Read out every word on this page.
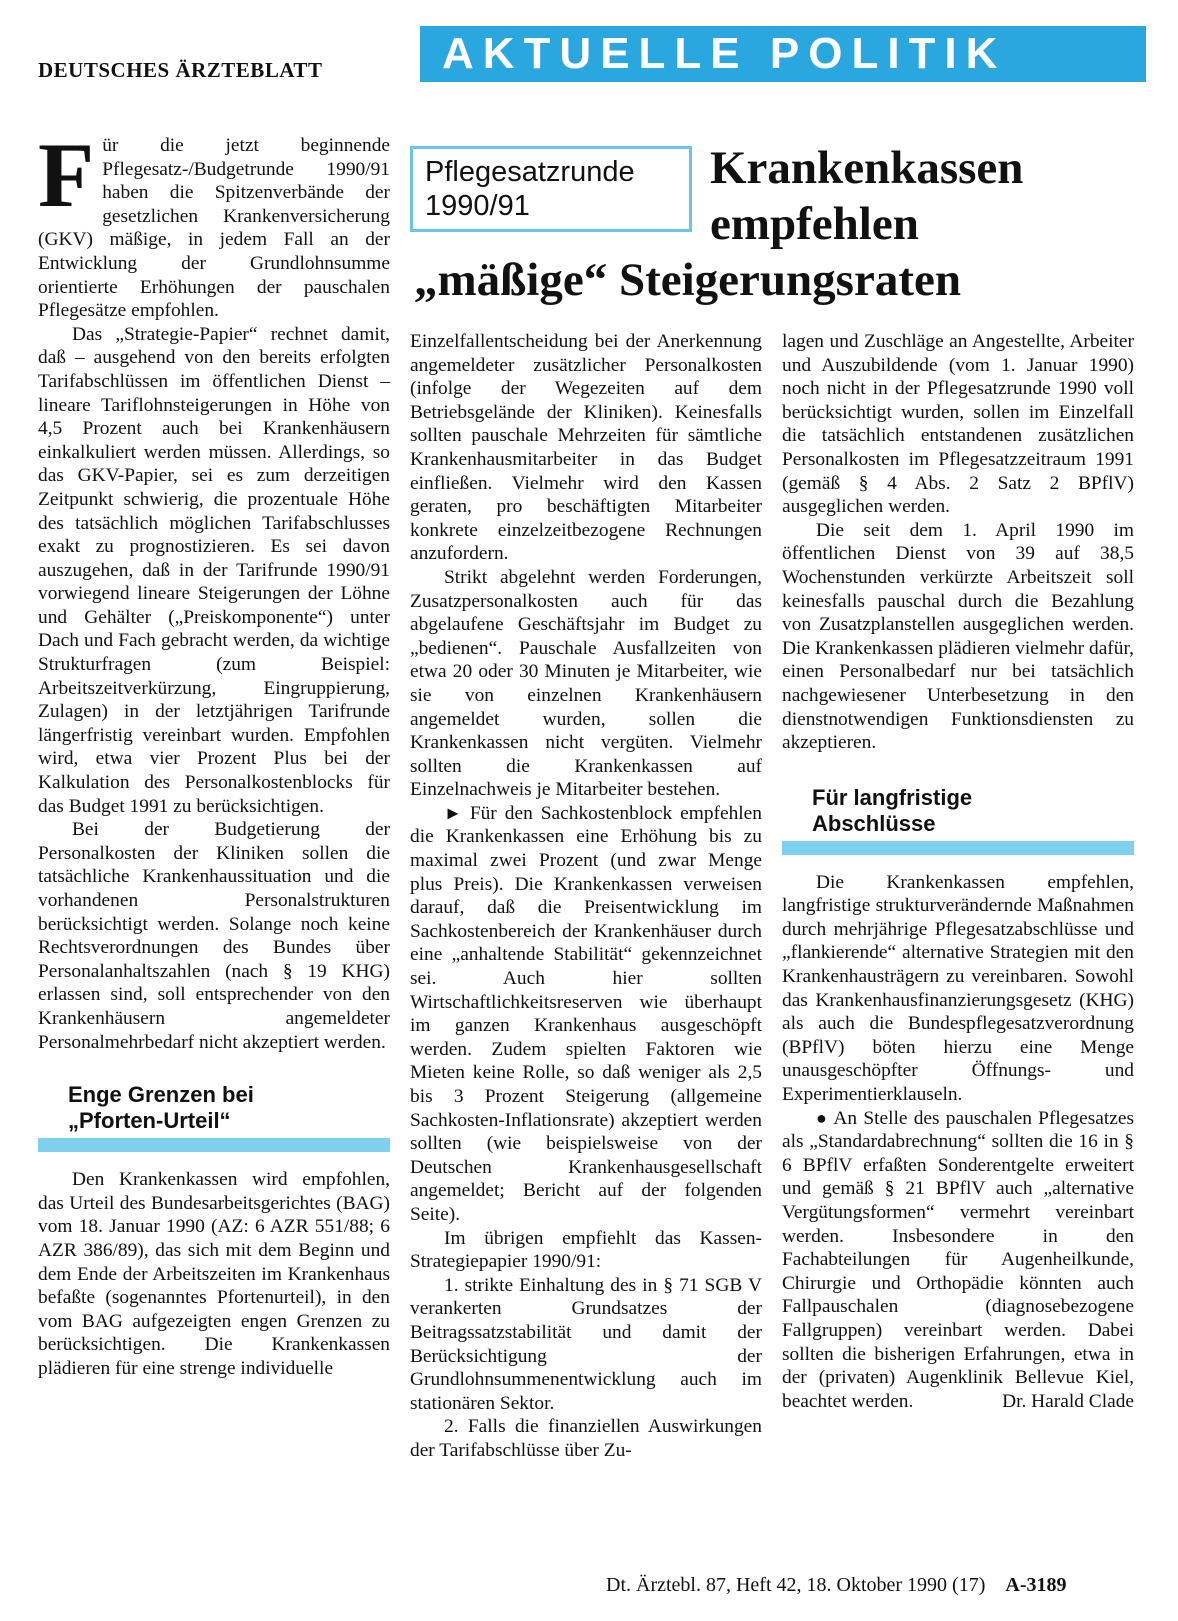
DEUTSCHES ÄRZTEBLATT	AKTUELLE POLITIK
Pflegesatzrunde
1990/91
Krankenkassen
empfehlen
„mäßige“ Steigerungsraten

Für die jetzt beginnende Pflegesatz-/Budgetrunde 1990/91 haben die Spitzenverbände der gesetzlichen Krankenversicherung (GKV) mäßige, in jedem Fall an der Entwicklung der Grundlohnsumme orientierte Erhöhungen der pauschalen Pflegesätze empfohlen.

Das „Strategie-Papier“ rechnet damit, daß – ausgehend von den bereits erfolgten Tarifabschlüssen im öffentlichen Dienst – lineare Tariflohnsteigerungen in Höhe von 4,5 Prozent auch bei Krankenhäusern einkalkuliert werden müssen. Allerdings, so das GKV-Papier, sei es zum derzeitigen Zeitpunkt schwierig, die prozentuale Höhe des tatsächlich möglichen Tarifabschlusses exakt zu prognostizieren. Es sei davon auszugehen, daß in der Tarifrunde 1990/91 vorwiegend lineare Steigerungen der Löhne und Gehälter („Preiskomponente“) unter Dach und Fach gebracht werden, da wichtige Strukturfragen (zum Beispiel: Arbeitszeitverkürzung, Eingruppierung, Zulagen) in der letztjährigen Tarifrunde längerfristig vereinbart wurden. Empfohlen wird, etwa vier Prozent Plus bei der Kalkulation des Personalkostenblocks für das Budget 1991 zu berücksichtigen.

Bei der Budgetierung der Personalkosten der Kliniken sollen die tatsächliche Krankenhaussituation und die vorhandenen Personalstrukturen berücksichtigt werden. Solange noch keine Rechtsverordnungen des Bundes über Personalanhaltszahlen (nach § 19 KHG) erlassen sind, soll entsprechender von den Krankenhäusern angemeldeter Personalmehrbedarf nicht akzeptiert werden.

Enge Grenzen bei
„Pforten-Urteil“

Den Krankenkassen wird empfohlen, das Urteil des Bundesarbeitsgerichtes (BAG) vom 18. Januar 1990 (AZ: 6 AZR 551/88; 6 AZR 386/89), das sich mit dem Beginn und dem Ende der Arbeitszeiten im Krankenhaus befaßte (sogenanntes Pfortenurteil), in den vom BAG aufgezeigten engen Grenzen zu berücksichtigen. Die Krankenkassen plädieren für eine strenge individuelle

Einzelfallentscheidung bei der Anerkennung angemeldeter zusätzlicher Personalkosten (infolge der Wegezeiten auf dem Betriebsgelände der Kliniken). Keinesfalls sollten pauschale Mehrzeiten für sämtliche Krankenhausmitarbeiter in das Budget einfließen. Vielmehr wird den Kassen geraten, pro beschäftigten Mitarbeiter konkrete einzelzeitbezogene Rechnungen anzufordern.

Strikt abgelehnt werden Forderungen, Zusatzpersonalkosten auch für das abgelaufene Geschäftsjahr im Budget zu „bedienen“. Pauschale Ausfallzeiten von etwa 20 oder 30 Minuten je Mitarbeiter, wie sie von einzelnen Krankenhäusern angemeldet wurden, sollen die Krankenkassen nicht vergüten. Vielmehr sollten die Krankenkassen auf Einzelnachweis je Mitarbeiter bestehen.

► Für den Sachkostenblock empfehlen die Krankenkassen eine Erhöhung bis zu maximal zwei Prozent (und zwar Menge plus Preis). Die Krankenkassen verweisen darauf, daß die Preisentwicklung im Sachkostenbereich der Krankenhäuser durch eine „anhaltende Stabilität“ gekennzeichnet sei. Auch hier sollten Wirtschaftlichkeitsreserven wie überhaupt im ganzen Krankenhaus ausgeschöpft werden. Zudem spielten Faktoren wie Mieten keine Rolle, so daß weniger als 2,5 bis 3 Prozent Steigerung (allgemeine Sachkosten-Inflationsrate) akzeptiert werden sollten (wie beispielsweise von der Deutschen Krankenhausgesellschaft angemeldet; Bericht auf der folgenden Seite).

Im übrigen empfiehlt das Kassen-Strategiepapier 1990/91:

1. strikte Einhaltung des in § 71 SGB V verankerten Grundsatzes der Beitragssatzstabilität und damit der Berücksichtigung der Grundlohnsummenentwicklung auch im stationären Sektor.

2. Falls die finanziellen Auswirkungen der Tarifabschlüsse über Zu-

lagen und Zuschläge an Angestellte, Arbeiter und Auszubildende (vom 1. Januar 1990) noch nicht in der Pflegesatzrunde 1990 voll berücksichtigt wurden, sollen im Einzelfall die tatsächlich entstandenen zusätzlichen Personalkosten im Pflegesatzzeitraum 1991 (gemäß § 4 Abs. 2 Satz 2 BPflV) ausgeglichen werden.

Die seit dem 1. April 1990 im öffentlichen Dienst von 39 auf 38,5 Wochenstunden verkürzte Arbeitszeit soll keinesfalls pauschal durch die Bezahlung von Zusatzplanstellen ausgeglichen werden. Die Krankenkassen plädieren vielmehr dafür, einen Personalbedarf nur bei tatsächlich nachgewiesener Unterbesetzung in den dienstnotwendigen Funktionsdiensten zu akzeptieren.

Für langfristige
Abschlüsse

Die Krankenkassen empfehlen, langfristige strukturverändernde Maßnahmen durch mehrjährige Pflegesatzabschlüsse und „flankierende“ alternative Strategien mit den Krankenhausträgern zu vereinbaren. Sowohl das Krankenhausfinanzierungsgesetz (KHG) als auch die Bundespflegesatzverordnung (BPflV) böten hierzu eine Menge unausgeschöpfter Öffnungs- und Experimentierklauseln.

● An Stelle des pauschalen Pflegesatzes als „Standardabrechnung“ sollten die 16 in § 6 BPflV erfaßten Sonderentgelte erweitert und gemäß § 21 BPflV auch „alternative Vergütungsformen“ vermehrt vereinbart werden. Insbesondere in den Fachabteilungen für Augenheilkunde, Chirurgie und Orthopädie könnten auch Fallpauschalen (diagnosebezogene Fallgruppen) vereinbart werden. Dabei sollten die bisherigen Erfahrungen, etwa in der (privaten) Augenklinik Bellevue Kiel, beachtet werden.	Dr. Harald Clade

Dt. Ärztebl. 87, Heft 42, 18. Oktober 1990 (17) A-3189
